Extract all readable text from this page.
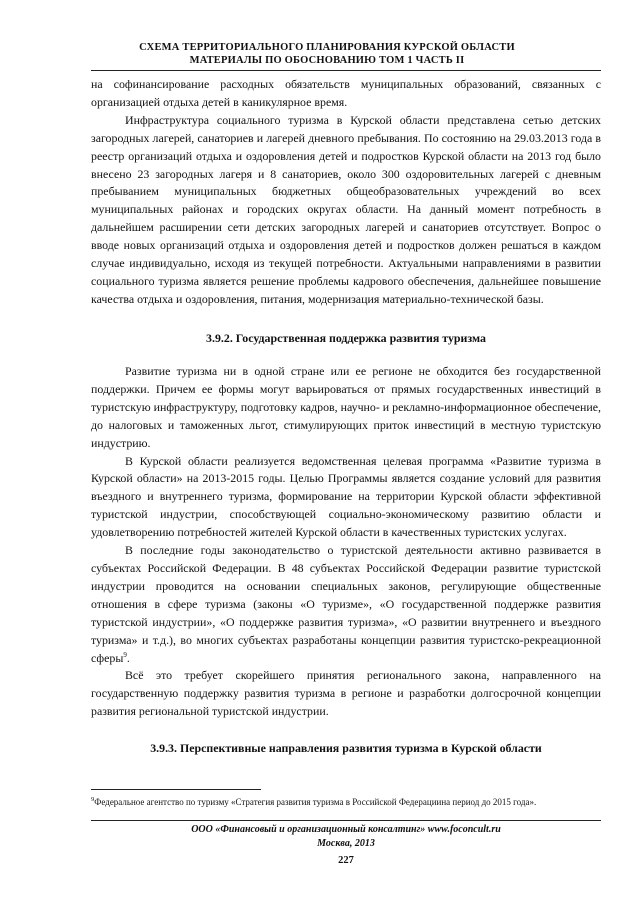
СХЕМА ТЕРРИТОРИАЛЬНОГО ПЛАНИРОВАНИЯ КУРСКОЙ ОБЛАСТИ
МАТЕРИАЛЫ ПО ОБОСНОВАНИЮ ТОМ 1 ЧАСТЬ II

на софинансирование расходных обязательств муниципальных образований, связанных с организацией отдыха детей в каникулярное время.

Инфраструктура социального туризма в Курской области представлена сетью детских загородных лагерей, санаториев и лагерей дневного пребывания. По состоянию на 29.03.2013 года в реестр организаций отдыха и оздоровления детей и подростков Курской области на 2013 год было внесено 23 загородных лагеря и 8 санаториев, около 300 оздоровительных лагерей с дневным пребыванием муниципальных бюджетных общеобразовательных учреждений во всех муниципальных районах и городских округах области. На данный момент потребность в дальнейшем расширении сети детских загородных лагерей и санаториев отсутствует. Вопрос о вводе новых организаций отдыха и оздоровления детей и подростков должен решаться в каждом случае индивидуально, исходя из текущей потребности. Актуальными направлениями в развитии социального туризма является решение проблемы кадрового обеспечения, дальнейшее повышение качества отдыха и оздоровления, питания, модернизация материально-технической базы.

3.9.2. Государственная поддержка развития туризма

Развитие туризма ни в одной стране или ее регионе не обходится без государственной поддержки. Причем ее формы могут варьироваться от прямых государственных инвестиций в туристскую инфраструктуру, подготовку кадров, научно- и рекламно-информационное обеспечение, до налоговых и таможенных льгот, стимулирующих приток инвестиций в местную туристскую индустрию.

В Курской области реализуется ведомственная целевая программа «Развитие туризма в Курской области» на 2013-2015 годы. Целью Программы является создание условий для развития въездного и внутреннего туризма, формирование на территории Курской области эффективной туристской индустрии, способствующей социально-экономическому развитию области и удовлетворению потребностей жителей Курской области в качественных туристских услугах.

В последние годы законодательство о туристской деятельности активно развивается в субъектах Российской Федерации. В 48 субъектах Российской Федерации развитие туристской индустрии проводится на основании специальных законов, регулирующие общественные отношения в сфере туризма (законы «О туризме», «О государственной поддержке развития туристской индустрии», «О поддержке развития туризма», «О развитии внутреннего и въездного туризма» и т.д.), во многих субъектах разработаны концепции развития туристско-рекреационной сферы$^9$.

Всё это требует скорейшего принятия регионального закона, направленного на государственную поддержку развития туризма в регионе и разработки долгосрочной концепции развития региональной туристской индустрии.

3.9.3. Перспективные направления развития туризма в Курской области
$^9$Федеральное агентство по туризму «Стратегия развития туризма в Российской Федерациина период до 2015 года».
ООО «Финансовый и организационный консалтинг» www.foconcult.ru
Москва, 2013
227
